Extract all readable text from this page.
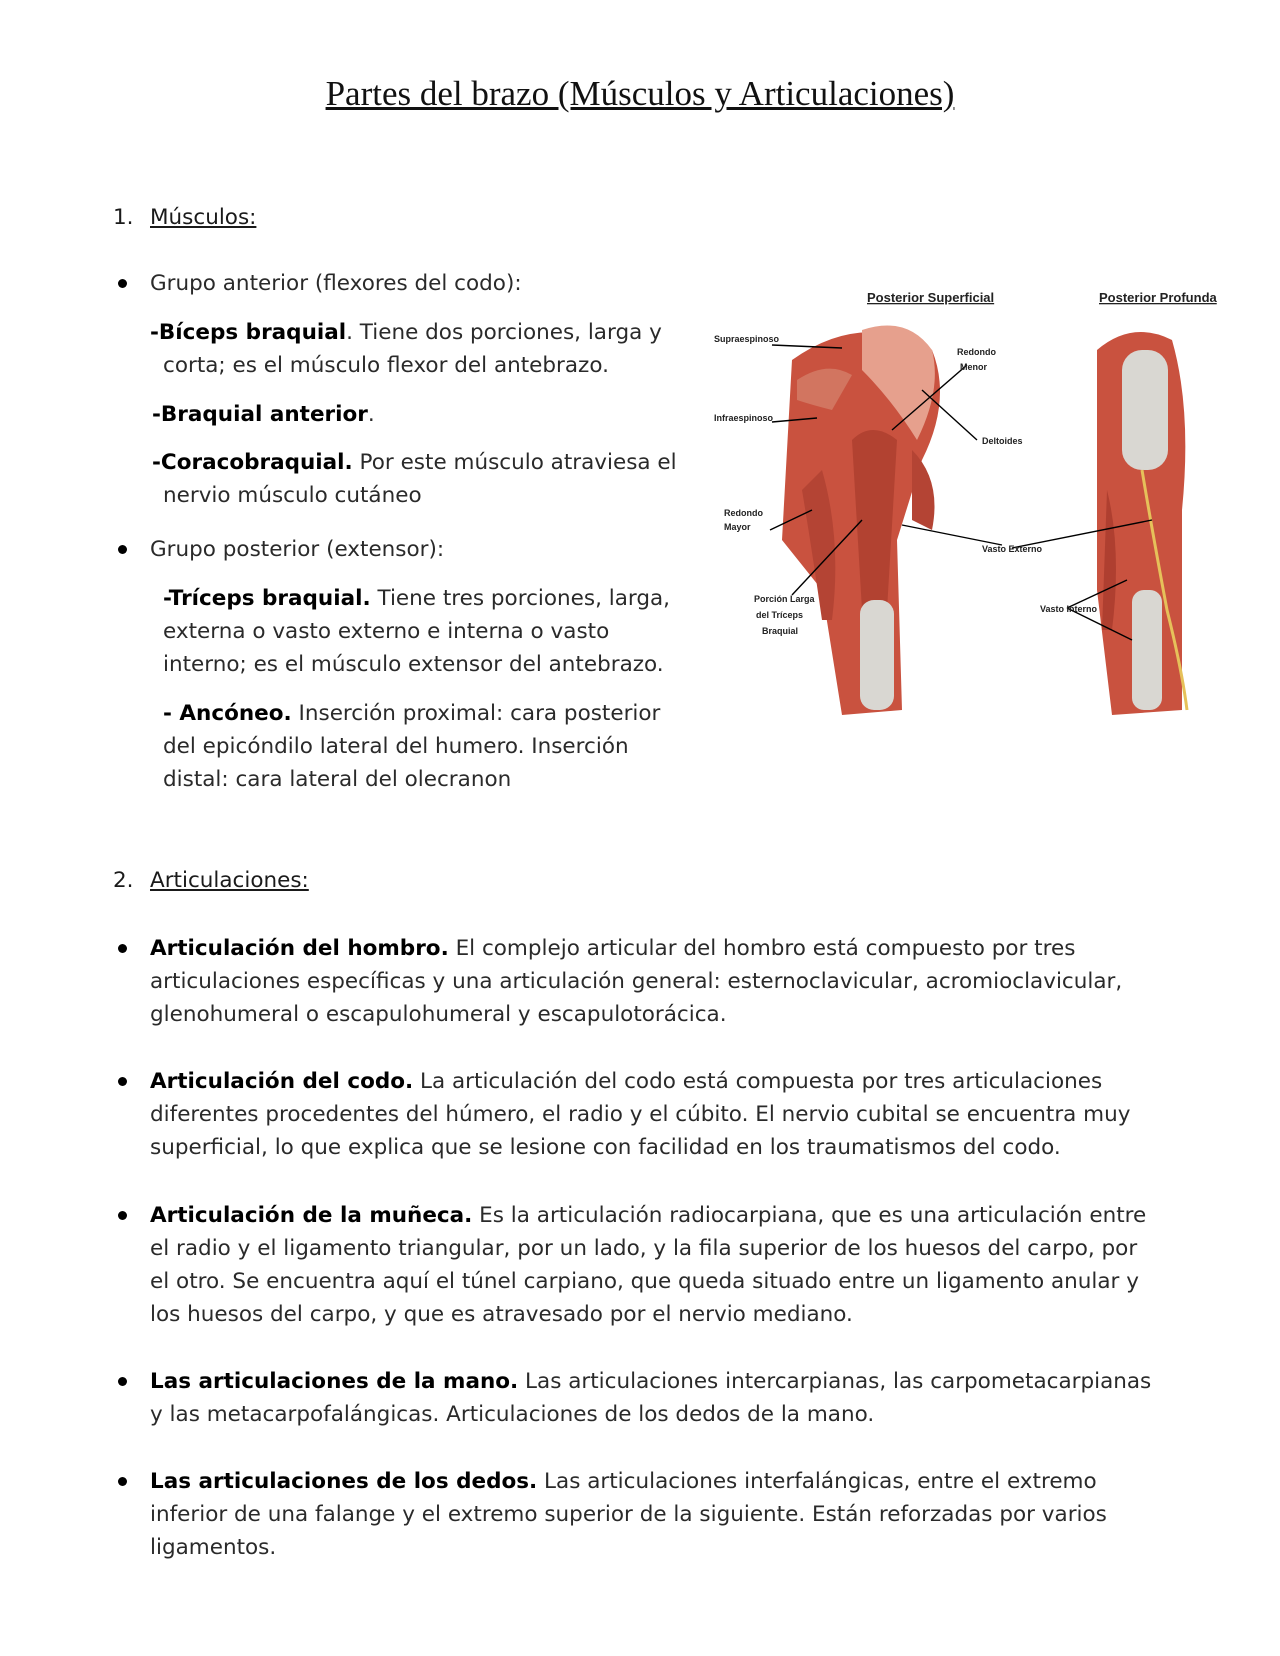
Partes del brazo (Músculos y Articulaciones)
1. Músculos:
Grupo anterior (flexores del codo):
-Bíceps braquial. Tiene dos porciones, larga y corta; es el músculo flexor del antebrazo.
-Braquial anterior.
-Coracobraquial. Por este músculo atraviesa el nervio músculo cutáneo
Grupo posterior (extensor):
-Tríceps braquial. Tiene tres porciones, larga, externa o vasto externo e interna o vasto interno; es el músculo extensor del antebrazo.
- Ancóneo. Inserción proximal: cara posterior del epicóndilo lateral del humero. Inserción distal: cara lateral del olecranon
Posterior Superficial	Posterior Profunda
Supraespinoso
Infraespinoso
Redondo
Mayor
Redondo
Menor
Deltoides
Vasto Externo
Vasto Interno
Porción Larga
del Tríceps
Braquial
2. Articulaciones:
Articulación del hombro. El complejo articular del hombro está compuesto por tres articulaciones específicas y una articulación general: esternoclavicular, acromioclavicular, glenohumeral o escapulohumeral y escapulotorácica.
Articulación del codo. La articulación del codo está compuesta por tres articulaciones diferentes procedentes del húmero, el radio y el cúbito. El nervio cubital se encuentra muy superficial, lo que explica que se lesione con facilidad en los traumatismos del codo.
Articulación de la muñeca. Es la articulación radiocarpiana, que es una articulación entre el radio y el ligamento triangular, por un lado, y la fila superior de los huesos del carpo, por el otro. Se encuentra aquí el túnel carpiano, que queda situado entre un ligamento anular y los huesos del carpo, y que es atravesado por el nervio mediano.
Las articulaciones de la mano. Las articulaciones intercarpianas, las carpometacarpianas y las metacarpofalángicas. Articulaciones de los dedos de la mano.
Las articulaciones de los dedos. Las articulaciones interfalángicas, entre el extremo inferior de una falange y el extremo superior de la siguiente. Están reforzadas por varios ligamentos.
